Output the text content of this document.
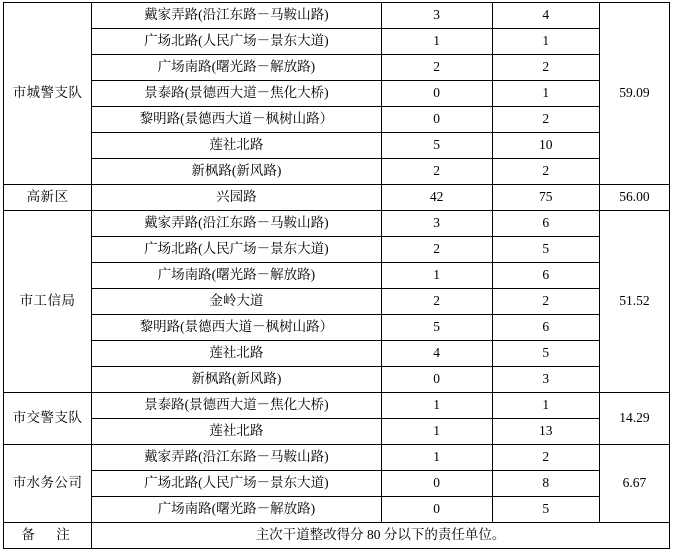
市城警支队	戴家弄路(沿江东路－马鞍山路)	3	4	59.09
	广场北路(人民广场－景东大道)	1	1	
	广场南路(曙光路－解放路)	2	2	
	景泰路(景德西大道－焦化大桥)	0	1	
	黎明路(景德西大道－枫树山路）	0	2	
	莲社北路	5	10	
	新枫路(新风路)	2	2	
高新区	兴园路	42	75	56.00
市工信局	戴家弄路(沿江东路－马鞍山路)	3	6	51.52
	广场北路(人民广场－景东大道)	2	5	
	广场南路(曙光路－解放路)	1	6	
	金岭大道	2	2	
	黎明路(景德西大道－枫树山路）	5	6	
	莲社北路	4	5	
	新枫路(新风路)	0	3	
市交警支队	景泰路(景德西大道－焦化大桥)	1	1	14.29
	莲社北路	1	13	
市水务公司	戴家弄路(沿江东路－马鞍山路)	1	2	6.67
	广场北路(人民广场－景东大道)	0	8	
	广场南路(曙光路－解放路)	0	5	
备　注	主次干道整改得分 80 分以下的责任单位。			
